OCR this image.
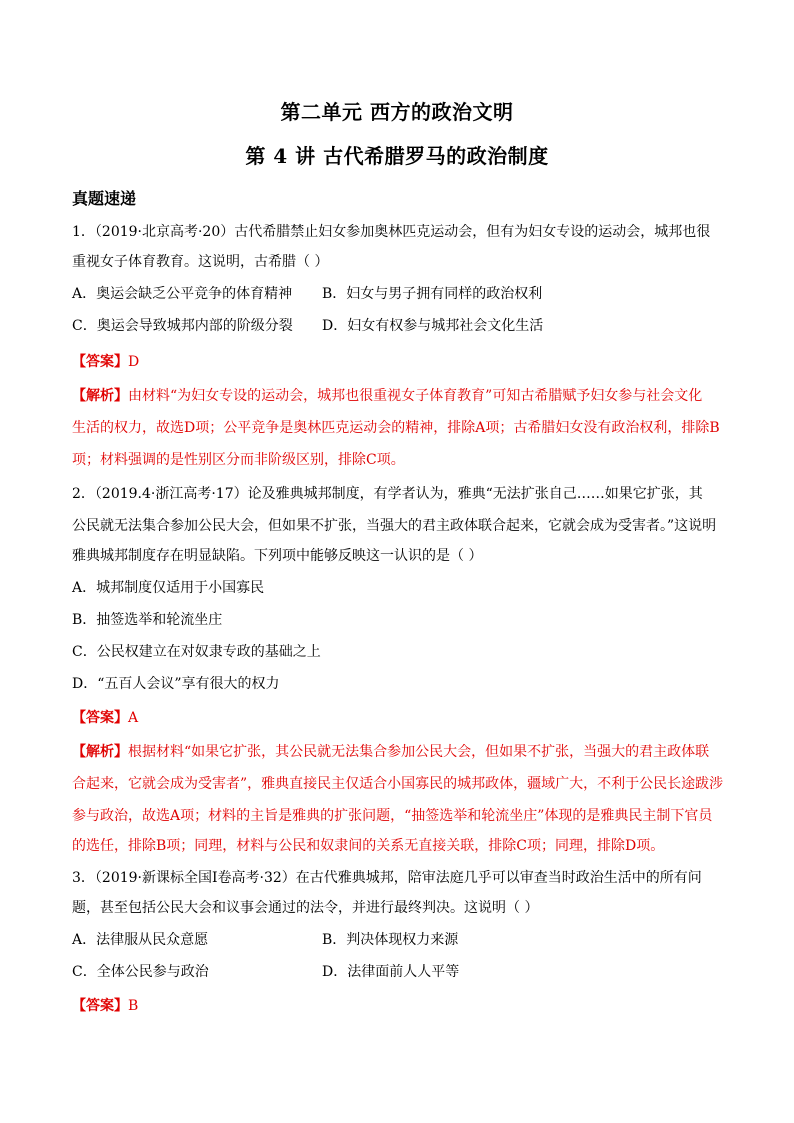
第二单元 西方的政治文明
第 4 讲 古代希腊罗马的政治制度
真题速递
1．（2019·北京高考·20）古代希腊禁止妇女参加奥林匹克运动会，但有为妇女专设的运动会，城邦也很
重视女子体育教育。这说明，古希腊（ ）
A．奥运会缺乏公平竞争的体育精神 B．妇女与男子拥有同样的政治权利
C．奥运会导致城邦内部的阶级分裂 D．妇女有权参与城邦社会文化生活
【答案】D
【解析】由材料“为妇女专设的运动会，城邦也很重视女子体育教育”可知古希腊赋予妇女参与社会文化
生活的权力，故选D项；公平竞争是奥林匹克运动会的精神，排除A项；古希腊妇女没有政治权利，排除B
项；材料强调的是性别区分而非阶级区别，排除C项。
2．（2019.4·浙江高考·17）论及雅典城邦制度，有学者认为，雅典“无法扩张自己……如果它扩张，其
公民就无法集合参加公民大会，但如果不扩张，当强大的君主政体联合起来，它就会成为受害者。”这说明
雅典城邦制度存在明显缺陷。下列项中能够反映这一认识的是（ ）
A．城邦制度仅适用于小国寡民
B．抽签选举和轮流坐庄
C．公民权建立在对奴隶专政的基础之上
D．“五百人会议”享有很大的权力
【答案】A
【解析】根据材料“如果它扩张，其公民就无法集合参加公民大会，但如果不扩张，当强大的君主政体联
合起来，它就会成为受害者”，雅典直接民主仅适合小国寡民的城邦政体，疆域广大，不利于公民长途跋涉
参与政治，故选A项；材料的主旨是雅典的扩张问题，“抽签选举和轮流坐庄”体现的是雅典民主制下官员
的选任，排除B项；同理，材料与公民和奴隶间的关系无直接关联，排除C项；同理，排除D项。
3．（2019·新课标全国Ⅰ卷高考·32）在古代雅典城邦，陪审法庭几乎可以审查当时政治生活中的所有问
题，甚至包括公民大会和议事会通过的法令，并进行最终判决。这说明（ ）
A．法律服从民众意愿	B．判决体现权力来源
C．全体公民参与政治	D．法律面前人人平等
【答案】B
